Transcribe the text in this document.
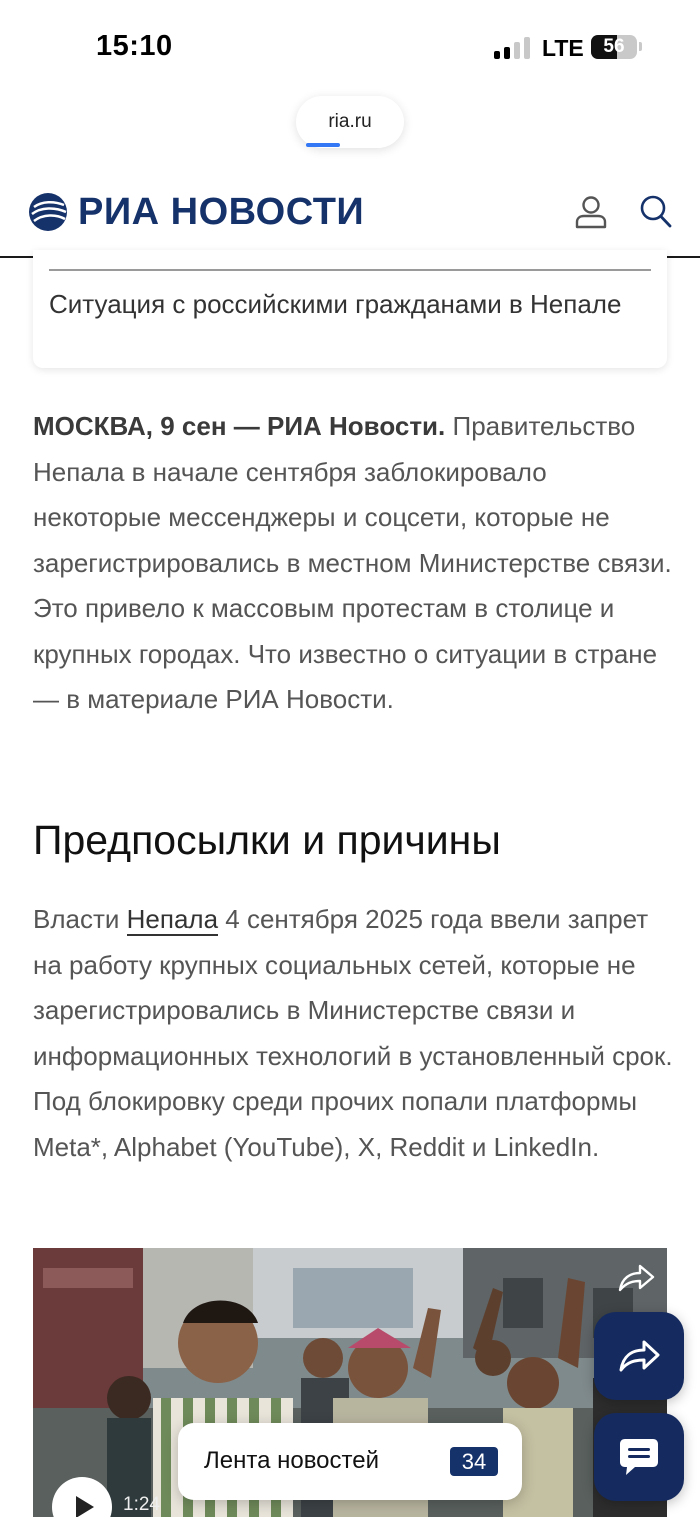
15:10	LTE	56
ria.ru
РИА НОВОСТИ
Ситуация с российскими гражданами в Непале

МОСКВА, 9 сен — РИА Новости. Правительство Непала в начале сентября заблокировало некоторые мессенджеры и соцсети, которые не зарегистрировались в местном Министерстве связи. Это привело к массовым протестам в столице и крупных городах. Что известно о ситуации в стране — в материале РИА Новости.

Предпосылки и причины

Власти Непала 4 сентября 2025 года ввели запрет на работу крупных социальных сетей, которые не зарегистрировались в Министерстве связи и информационных технологий в установленный срок. Под блокировку среди прочих попали платформы Meta*, Alphabet (YouTube), X, Reddit и LinkedIn.

1:24
Лента новостей	34
